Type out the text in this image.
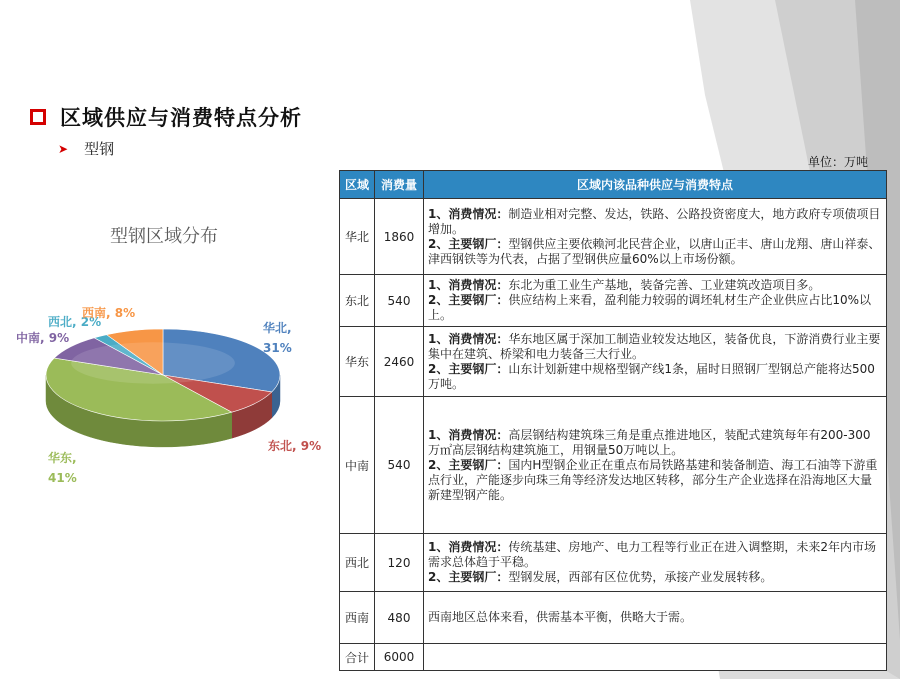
区域供应与消费特点分析
➤ 型钢
单位：万吨
型钢区域分布
华北, 31%
东北, 9%
华东, 41%
中南, 9%
西北, 2%
西南, 8%
区域	消费量	区域内该品种供应与消费特点
华北	1860	1、消费情况：制造业相对完整、发达，铁路、公路投资密度大，地方政府专项债项目增加。
2、主要钢厂：型钢供应主要依赖河北民营企业，以唐山正丰、唐山龙翔、唐山祥泰、津西钢铁等为代表，占据了型钢供应量60%以上市场份额。

东北	540	1、消费情况：东北为重工业生产基地，装备完善、工业建筑改造项目多。
2、主要钢厂：供应结构上来看，盈利能力较弱的调坯轧材生产企业供应占比10%以上。

华东	2460	1、消费情况：华东地区属于深加工制造业较发达地区，装备优良，下游消费行业主要集中在建筑、桥梁和电力装备三大行业。
2、主要钢厂：山东计划新建中规格型钢产线1条，届时日照钢厂型钢总产能将达500万吨。

中南	540	1、消费情况：高层钢结构建筑珠三角是重点推进地区，装配式建筑每年有200-300万㎡高层钢结构建筑施工，用钢量50万吨以上。
2、主要钢厂：国内H型钢企业正在重点布局铁路基建和装备制造、海工石油等下游重点行业，产能逐步向珠三角等经济发达地区转移，部分生产企业选择在沿海地区大量新建型钢产能。

西北	120	1、消费情况：传统基建、房地产、电力工程等行业正在进入调整期，未来2年内市场需求总体趋于平稳。
2、主要钢厂：型钢发展，西部有区位优势，承接产业发展转移。

西南	480	西南地区总体来看，供需基本平衡，供略大于需。

合计	6000	
